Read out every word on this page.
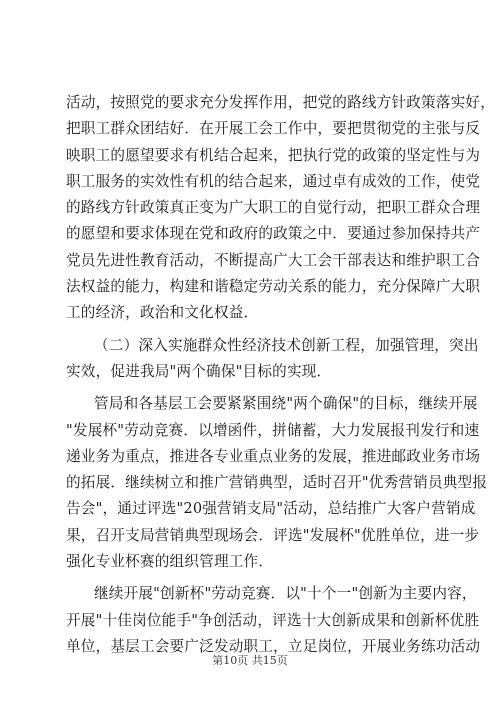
活动，按照党的要求充分发挥作用，把党的路线方针政策落实好，
把职工群众团结好．在开展工会工作中，要把贯彻党的主张与反
映职工的愿望要求有机结合起来，把执行党的政策的坚定性与为
职工服务的实效性有机的结合起来，通过卓有成效的工作，使党
的路线方针政策真正变为广大职工的自觉行动，把职工群众合理
的愿望和要求体现在党和政府的政策之中．要通过参加保持共产
党员先进性教育活动，不断提高广大工会干部表达和维护职工合
法权益的能力，构建和谐稳定劳动关系的能力，充分保障广大职
工的经济，政治和文化权益．
（二）深入实施群众性经济技术创新工程，加强管理，突出
实效，促进我局"两个确保"目标的实现．
管局和各基层工会要紧紧围绕"两个确保"的目标，继续开展
"发展杯"劳动竞赛．以增函件，拼储蓄，大力发展报刊发行和速
递业务为重点，推进各专业重点业务的发展，推进邮政业务市场
的拓展．继续树立和推广营销典型，适时召开"优秀营销员典型报
告会"，通过评选"20强营销支局"活动，总结推广大客户营销成
果，召开支局营销典型现场会．评选"发展杯"优胜单位，进一步
强化专业杯赛的组织管理工作．
继续开展"创新杯"劳动竞赛．以"十个一"创新为主要内容，
开展"十佳岗位能手"争创活动，评选十大创新成果和创新杯优胜
单位，基层工会要广泛发动职工，立足岗位，开展业务练功活动
第10页 共15页
